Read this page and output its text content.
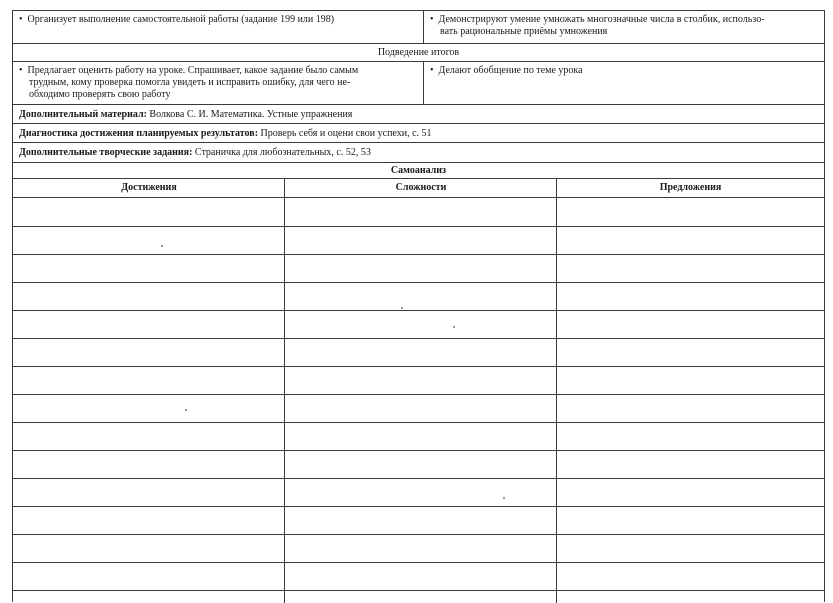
• Организует выполнение самостоятельной работы (задание 199 или 198)
•	Демонстрируют умение умножать многозначные числа в столбик, использо-
вать рациональные приёмы умножения
Подведение итогов
• Предлагает оценить работу на уроке. Спрашивает, какое задание было самым
трудным, кому проверка помогла увидеть и исправить ошибку, для чего не-
обходимо проверять свою работу
• Делают обобщение по теме урока
Дополнительный материал: Волкова С. И. Математика. Устные упражнения
Диагностика достижения планируемых результатов: Проверь себя и оцени свои успехи, с. 51
Дополнительные творческие задания: Страничка для любознательных, с. 52, 53
Самоанализ
Достижения	Сложности	Предложения
